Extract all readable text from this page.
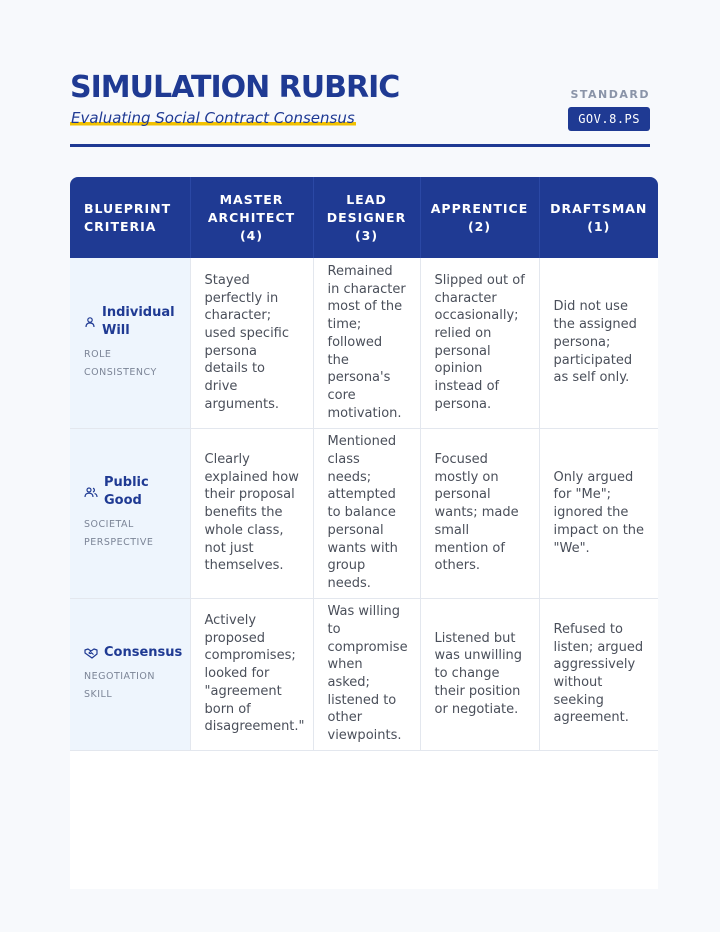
SIMULATION RUBRIC
Evaluating Social Contract Consensus
STANDARD
GOV.8.PS
BLUEPRINT CRITERIA	MASTER ARCHITECT (4)	LEAD DESIGNER (3)	APPRENTICE (2)	DRAFTSMAN (1)

Individual Will
ROLE CONSISTENCY	Stayed perfectly in character; used specific persona details to drive arguments.	Remained in character most of the time; followed the persona's core motivation.	Slipped out of character occasionally; relied on personal opinion instead of persona.	Did not use the assigned persona; participated as self only.

Public Good
SOCIETAL PERSPECTIVE	Clearly explained how their proposal benefits the whole class, not just themselves.	Mentioned class needs; attempted to balance personal wants with group needs.	Focused mostly on personal wants; made small mention of others.	Only argued for "Me"; ignored the impact on the "We".

Consensus
NEGOTIATION SKILL	Actively proposed compromises; looked for "agreement born of disagreement."	Was willing to compromise when asked; listened to other viewpoints.	Listened but was unwilling to change their position or negotiate.	Refused to listen; argued aggressively without seeking agreement.
